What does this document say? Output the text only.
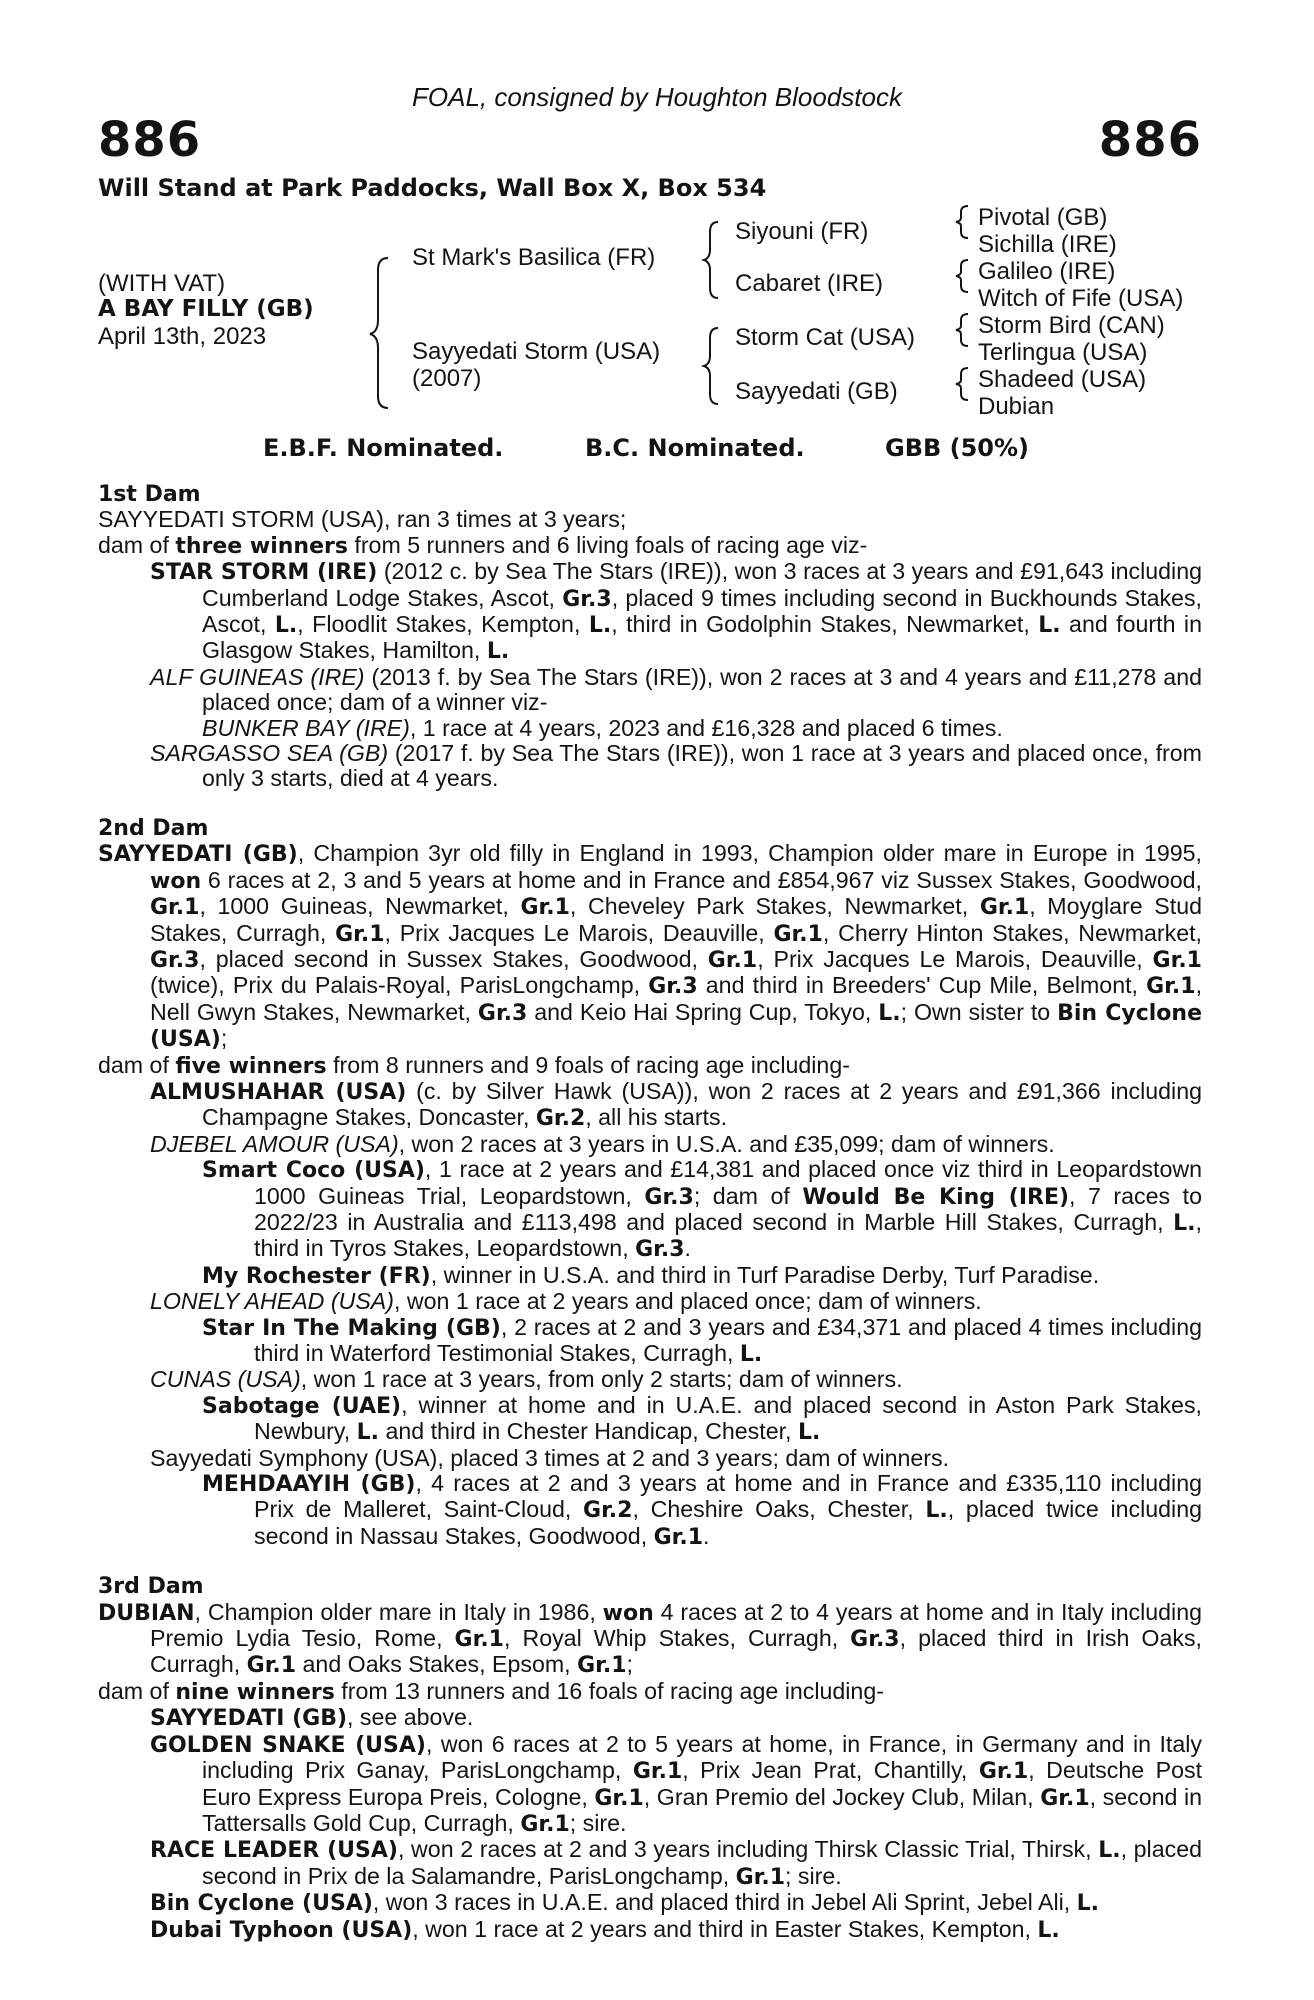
FOAL, consigned by Houghton Bloodstock
886	886
Will Stand at Park Paddocks, Wall Box X, Box 534
(WITH VAT)
A BAY FILLY (GB)
April 13th, 2023
St Mark's Basilica (FR)
Sayyedati Storm (USA)
(2007)
Siyouni (FR)
Cabaret (IRE)
Storm Cat (USA)
Sayyedati (GB)
Pivotal (GB)
Sichilla (IRE)
Galileo (IRE)
Witch of Fife (USA)
Storm Bird (CAN)
Terlingua (USA)
Shadeed (USA)
Dubian
E.B.F. Nominated.	B.C. Nominated.	GBB (50%)
1st Dam
SAYYEDATI STORM (USA), ran 3 times at 3 years;
dam of three winners from 5 runners and 6 living foals of racing age viz-
STAR STORM (IRE) (2012 c. by Sea The Stars (IRE)), won 3 races at 3 years and £91,643 including Cumberland Lodge Stakes, Ascot, Gr.3, placed 9 times including second in Buckhounds Stakes, Ascot, L., Floodlit Stakes, Kempton, L., third in Godolphin Stakes, Newmarket, L. and fourth in Glasgow Stakes, Hamilton, L.
ALF GUINEAS (IRE) (2013 f. by Sea The Stars (IRE)), won 2 races at 3 and 4 years and £11,278 and placed once; dam of a winner viz-
BUNKER BAY (IRE), 1 race at 4 years, 2023 and £16,328 and placed 6 times.
SARGASSO SEA (GB) (2017 f. by Sea The Stars (IRE)), won 1 race at 3 years and placed once, from only 3 starts, died at 4 years.
2nd Dam
SAYYEDATI (GB), Champion 3yr old filly in England in 1993, Champion older mare in Europe in 1995, won 6 races at 2, 3 and 5 years at home and in France and £854,967 viz Sussex Stakes, Goodwood, Gr.1, 1000 Guineas, Newmarket, Gr.1, Cheveley Park Stakes, Newmarket, Gr.1, Moyglare Stud Stakes, Curragh, Gr.1, Prix Jacques Le Marois, Deauville, Gr.1, Cherry Hinton Stakes, Newmarket, Gr.3, placed second in Sussex Stakes, Goodwood, Gr.1, Prix Jacques Le Marois, Deauville, Gr.1 (twice), Prix du Palais-Royal, ParisLongchamp, Gr.3 and third in Breeders' Cup Mile, Belmont, Gr.1, Nell Gwyn Stakes, Newmarket, Gr.3 and Keio Hai Spring Cup, Tokyo, L.; Own sister to Bin Cyclone (USA);
dam of five winners from 8 runners and 9 foals of racing age including-
ALMUSHAHAR (USA) (c. by Silver Hawk (USA)), won 2 races at 2 years and £91,366 including Champagne Stakes, Doncaster, Gr.2, all his starts.
DJEBEL AMOUR (USA), won 2 races at 3 years in U.S.A. and £35,099; dam of winners.
Smart Coco (USA), 1 race at 2 years and £14,381 and placed once viz third in Leopardstown 1000 Guineas Trial, Leopardstown, Gr.3; dam of Would Be King (IRE), 7 races to 2022/23 in Australia and £113,498 and placed second in Marble Hill Stakes, Curragh, L., third in Tyros Stakes, Leopardstown, Gr.3.
My Rochester (FR), winner in U.S.A. and third in Turf Paradise Derby, Turf Paradise.
LONELY AHEAD (USA), won 1 race at 2 years and placed once; dam of winners.
Star In The Making (GB), 2 races at 2 and 3 years and £34,371 and placed 4 times including third in Waterford Testimonial Stakes, Curragh, L.
CUNAS (USA), won 1 race at 3 years, from only 2 starts; dam of winners.
Sabotage (UAE), winner at home and in U.A.E. and placed second in Aston Park Stakes, Newbury, L. and third in Chester Handicap, Chester, L.
Sayyedati Symphony (USA), placed 3 times at 2 and 3 years; dam of winners.
MEHDAAYIH (GB), 4 races at 2 and 3 years at home and in France and £335,110 including Prix de Malleret, Saint-Cloud, Gr.2, Cheshire Oaks, Chester, L., placed twice including second in Nassau Stakes, Goodwood, Gr.1.
3rd Dam
DUBIAN, Champion older mare in Italy in 1986, won 4 races at 2 to 4 years at home and in Italy including Premio Lydia Tesio, Rome, Gr.1, Royal Whip Stakes, Curragh, Gr.3, placed third in Irish Oaks, Curragh, Gr.1 and Oaks Stakes, Epsom, Gr.1;
dam of nine winners from 13 runners and 16 foals of racing age including-
SAYYEDATI (GB), see above.
GOLDEN SNAKE (USA), won 6 races at 2 to 5 years at home, in France, in Germany and in Italy including Prix Ganay, ParisLongchamp, Gr.1, Prix Jean Prat, Chantilly, Gr.1, Deutsche Post Euro Express Europa Preis, Cologne, Gr.1, Gran Premio del Jockey Club, Milan, Gr.1, second in Tattersalls Gold Cup, Curragh, Gr.1; sire.
RACE LEADER (USA), won 2 races at 2 and 3 years including Thirsk Classic Trial, Thirsk, L., placed second in Prix de la Salamandre, ParisLongchamp, Gr.1; sire.
Bin Cyclone (USA), won 3 races in U.A.E. and placed third in Jebel Ali Sprint, Jebel Ali, L.
Dubai Typhoon (USA), won 1 race at 2 years and third in Easter Stakes, Kempton, L.
